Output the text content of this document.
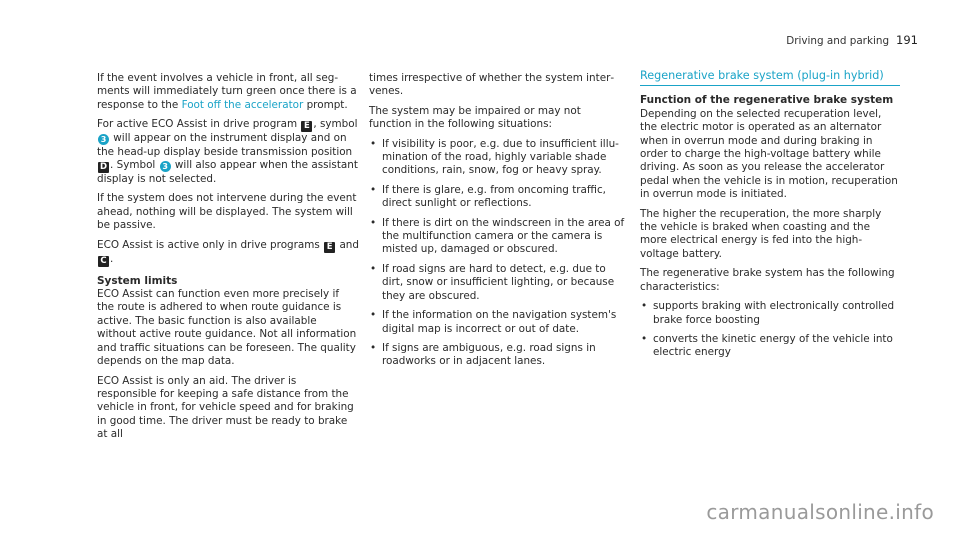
Driving and parking 191

If the event involves a vehicle in front, all segments will immediately turn green once there is a response to the Foot off the accelerator prompt.

For active ECO Assist in drive program E , symbol 3 will appear on the instrument display and on the head-up display beside transmission position D . Symbol 3 will also appear when the assistant display is not selected.

If the system does not intervene during the event ahead, nothing will be displayed. The system will be passive.

ECO Assist is active only in drive programs E and C .

System limits

ECO Assist can function even more precisely if the route is adhered to when route guidance is active. The basic function is also available without active route guidance. Not all information and traffic situations can be foreseen. The quality depends on the map data.

ECO Assist is only an aid. The driver is responsible for keeping a safe distance from the vehicle in front, for vehicle speed and for braking in good time. The driver must be ready to brake at all

times irrespective of whether the system intervenes.

The system may be impaired or may not function in the following situations:

• If visibility is poor, e.g. due to insufficient illumination of the road, highly variable shade conditions, rain, snow, fog or heavy spray.
• If there is glare, e.g. from oncoming traffic, direct sunlight or reflections.
• If there is dirt on the windscreen in the area of the multifunction camera or the camera is misted up, damaged or obscured.
• If road signs are hard to detect, e.g. due to dirt, snow or insufficient lighting, or because they are obscured.
• If the information on the navigation system's digital map is incorrect or out of date.
• If signs are ambiguous, e.g. road signs in roadworks or in adjacent lanes.
Regenerative brake system (plug-in hybrid)

Function of the regenerative brake system

Depending on the selected recuperation level, the electric motor is operated as an alternator when in overrun mode and during braking in order to charge the high-voltage battery while driving. As soon as you release the accelerator pedal when the vehicle is in motion, recuperation in overrun mode is initiated.

The higher the recuperation, the more sharply the vehicle is braked when coasting and the more electrical energy is fed into the high-voltage battery.

The regenerative brake system has the following characteristics:

• supports braking with electronically controlled brake force boosting
• converts the kinetic energy of the vehicle into electric energy
carmanualsonline.info
